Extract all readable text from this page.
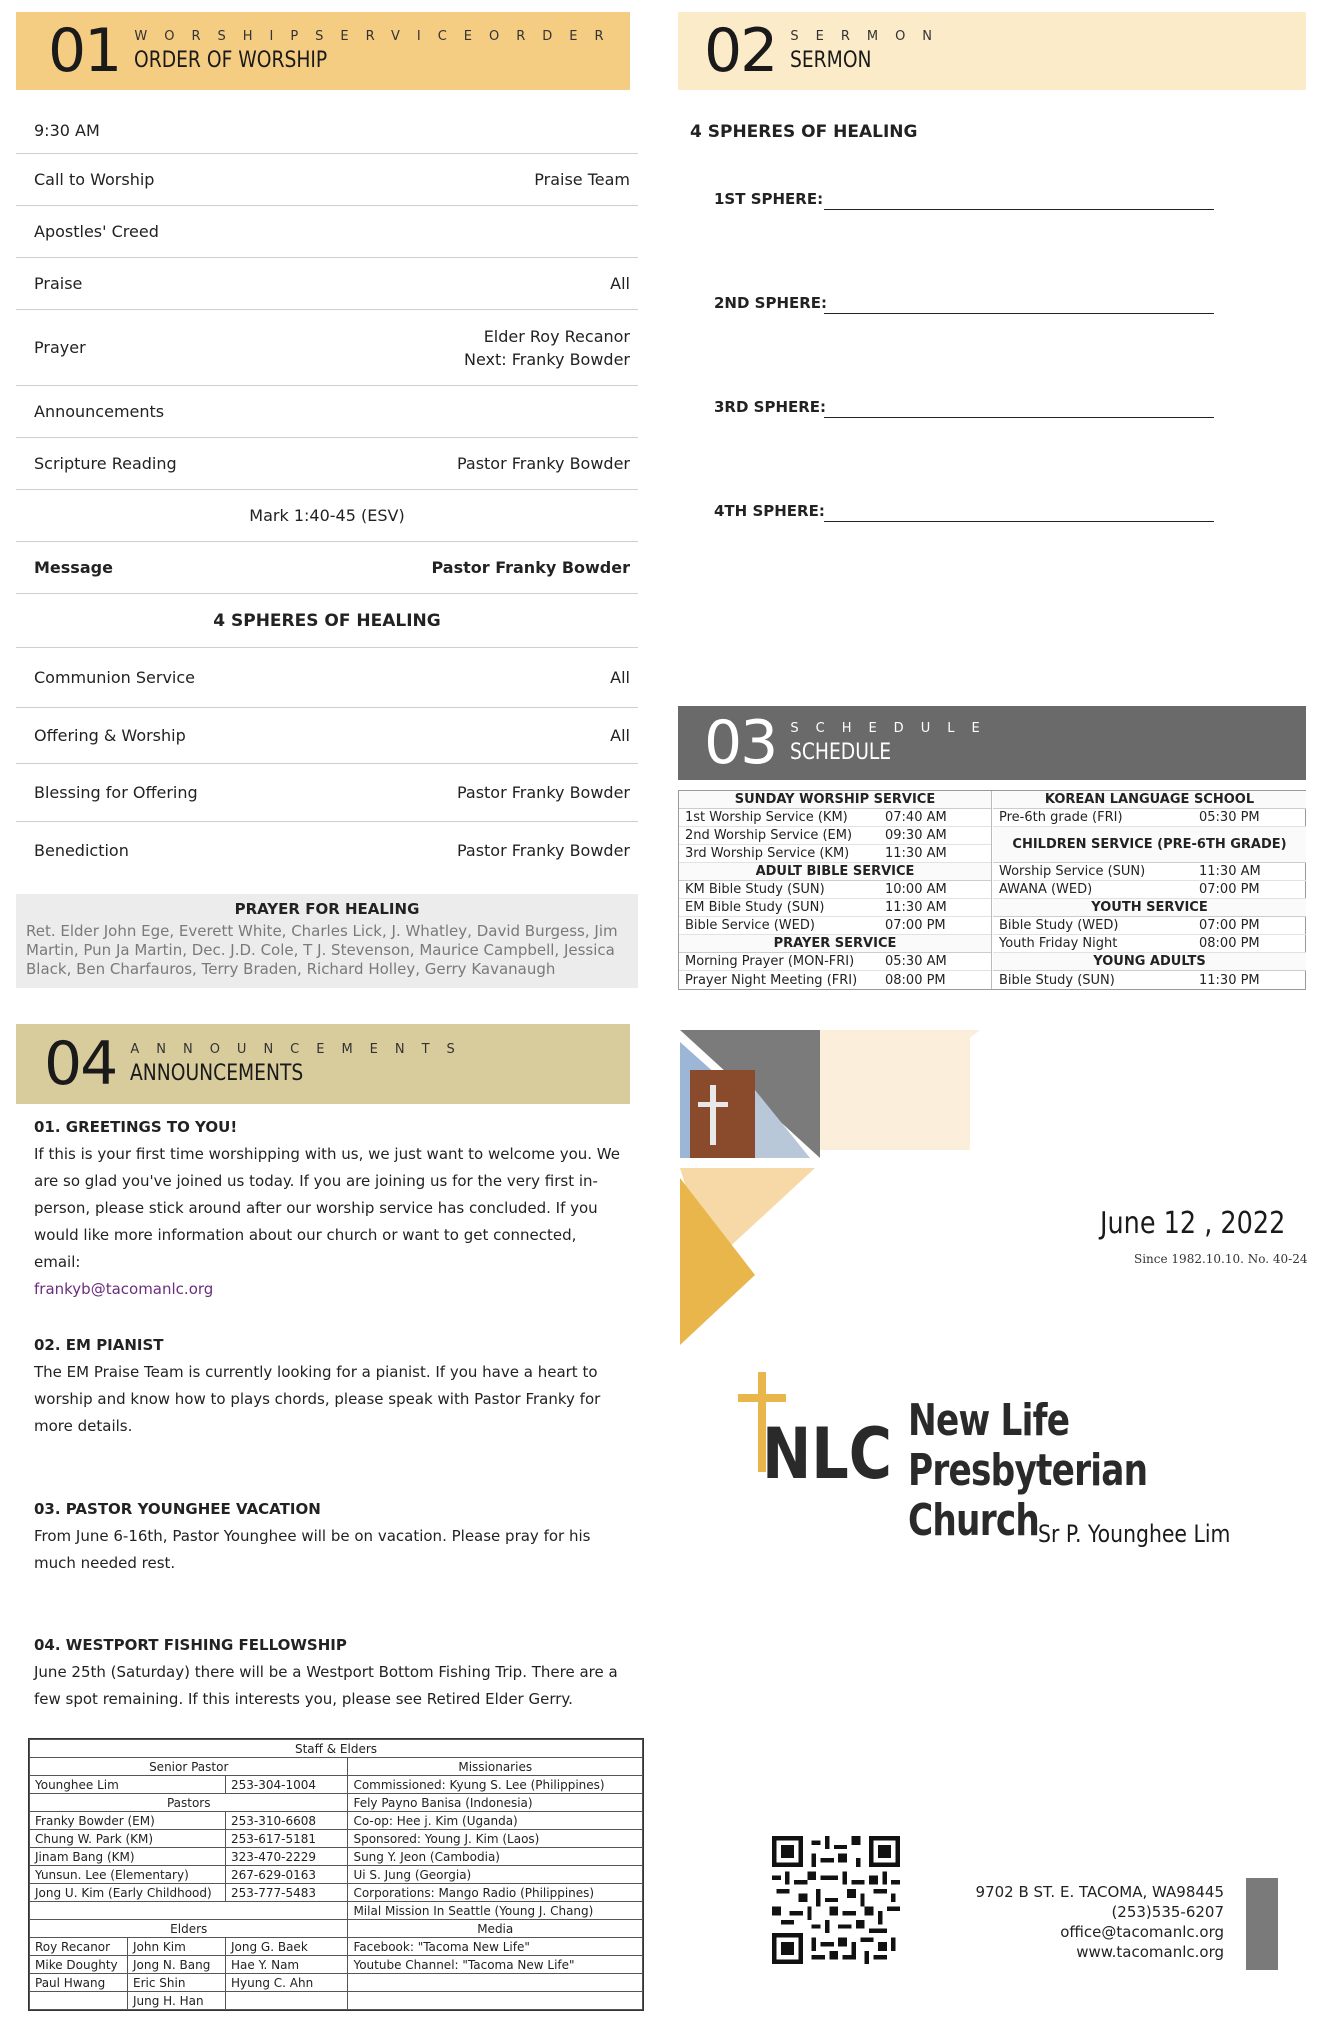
01 WORSHIPSERVICEORDER
ORDER OF WORSHIP
9:30 AM
Call to Worship	Praise Team
Apostles' Creed
Praise	All
Prayer
Elder Roy Recanor
Next: Franky Bowder
Announcements
Scripture Reading	Pastor Franky Bowder
Mark 1:40-45 (ESV)
Message	Pastor Franky Bowder
4 SPHERES OF HEALING
Communion Service	All
Offering & Worship	All
Blessing for Offering	Pastor Franky Bowder
Benediction	Pastor Franky Bowder
PRAYER FOR HEALING
Ret. Elder John Ege, Everett White, Charles Lick, J. Whatley, David Burgess, Jim Martin, Pun Ja Martin, Dec. J.D. Cole, T J. Stevenson, Maurice Campbell, Jessica Black, Ben Charfauros, Terry Braden, Richard Holley, Gerry Kavanaugh
02 SERMON
SERMON
4 SPHERES OF HEALING
1ST SPHERE:
2ND SPHERE:
3RD SPHERE:
4TH SPHERE:
03 SCHEDULE
SCHEDULE
SUNDAY WORSHIP SERVICE
1st Worship Service (KM)	07:40 AM
2nd Worship Service (EM)	09:30 AM
3rd Worship Service (KM)	11:30 AM
ADULT BIBLE SERVICE
KM Bible Study (SUN)	10:00 AM
EM Bible Study (SUN)	11:30 AM
Bible Service (WED)	07:00 PM
PRAYER SERVICE
Morning Prayer (MON-FRI)	05:30 AM
Prayer Night Meeting (FRI)	08:00 PM
KOREAN LANGUAGE SCHOOL
Pre-6th grade (FRI)	05:30 PM
CHILDREN SERVICE (PRE-6TH GRADE)
Worship Service (SUN)	11:30 AM
AWANA (WED)	07:00 PM
YOUTH SERVICE
Bible Study (WED)	07:00 PM
Youth Friday Night	08:00 PM
YOUNG ADULTS
Bible Study (SUN)	11:30 PM
04 ANNOUNCEMENTS
ANNOUNCEMENTS
01. GREETINGS TO YOU!
If this is your first time worshipping with us, we just want to welcome you. We are so glad you've joined us today. If you are joining us for the very first in-person, please stick around after our worship service has concluded. If you would like more information about our church or want to get connected, email:
frankyb@tacomanlc.org
02. EM PIANIST
The EM Praise Team is currently looking for a pianist. If you have a heart to worship and know how to plays chords, please speak with Pastor Franky for more details.
03. PASTOR YOUNGHEE VACATION
From June 6-16th, Pastor Younghee will be on vacation. Please pray for his much needed rest.
04. WESTPORT FISHING FELLOWSHIP
June 25th (Saturday) there will be a Westport Bottom Fishing Trip. There are a few spot remaining. If this interests you, please see Retired Elder Gerry.
Staff & Elders			
Senior Pastor			Missionaries
Younghee Lim		253-304-1004	Commissioned: Kyung S. Lee (Philippines)
Pastors			Fely Payno Banisa (Indonesia)
Franky Bowder (EM)		253-310-6608	Co-op: Hee j. Kim (Uganda)
Chung W. Park (KM)		253-617-5181	Sponsored: Young J. Kim (Laos)
Jinam Bang (KM)		323-470-2229	Sung Y. Jeon (Cambodia)
Yunsun. Lee (Elementary)		267-629-0163	Ui S. Jung (Georgia)
Jong U. Kim (Early Childhood)		253-777-5483	Corporations: Mango Radio (Philippines)
			Milal Mission In Seattle (Young J. Chang)
Elders			Media
Roy Recanor	John Kim	Jong G. Baek	Facebook: "Tacoma New Life"
Mike Doughty	Jong N. Bang	Hae Y. Nam	Youtube Channel: "Tacoma New Life"
Paul Hwang	Eric Shin	Hyung C. Ahn	
	Jung H. Han		
June 12 , 2022
Since 1982.10.10. No. 40-24
NLC New Life
Presbyterian Church
Sr P. Younghee Lim
9702 B ST. E. TACOMA, WA98445
(253)535-6207
office@tacomanlc.org
www.tacomanlc.org
